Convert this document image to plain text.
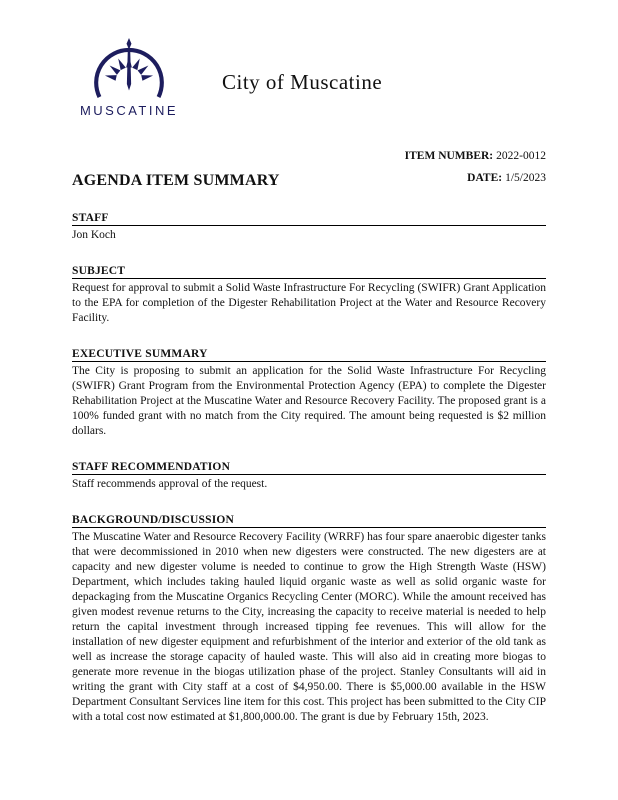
MUSCATINE
City of Muscatine
ITEM NUMBER: 2022-0012
AGENDA ITEM SUMMARY	DATE: 1/5/2023
STAFF
Jon Koch
SUBJECT
Request for approval to submit a Solid Waste Infrastructure For Recycling (SWIFR) Grant Application to the EPA for completion of the Digester Rehabilitation Project at the Water and Resource Recovery Facility.
EXECUTIVE SUMMARY
The City is proposing to submit an application for the Solid Waste Infrastructure For Recycling (SWIFR) Grant Program from the Environmental Protection Agency (EPA) to complete the Digester Rehabilitation Project at the Muscatine Water and Resource Recovery Facility. The proposed grant is a 100% funded grant with no match from the City required. The amount being requested is $2 million dollars.
STAFF RECOMMENDATION
Staff recommends approval of the request.
BACKGROUND/DISCUSSION
The Muscatine Water and Resource Recovery Facility (WRRF) has four spare anaerobic digester tanks that were decommissioned in 2010 when new digesters were constructed. The new digesters are at capacity and new digester volume is needed to continue to grow the High Strength Waste (HSW) Department, which includes taking hauled liquid organic waste as well as solid organic waste for depackaging from the Muscatine Organics Recycling Center (MORC). While the amount received has given modest revenue returns to the City, increasing the capacity to receive material is needed to help return the capital investment through increased tipping fee revenues. This will allow for the installation of new digester equipment and refurbishment of the interior and exterior of the old tank as well as increase the storage capacity of hauled waste. This will also aid in creating more biogas to generate more revenue in the biogas utilization phase of the project. Stanley Consultants will aid in writing the grant with City staff at a cost of $4,950.00. There is $5,000.00 available in the HSW Department Consultant Services line item for this cost. This project has been submitted to the City CIP with a total cost now estimated at $1,800,000.00. The grant is due by February 15th, 2023.
